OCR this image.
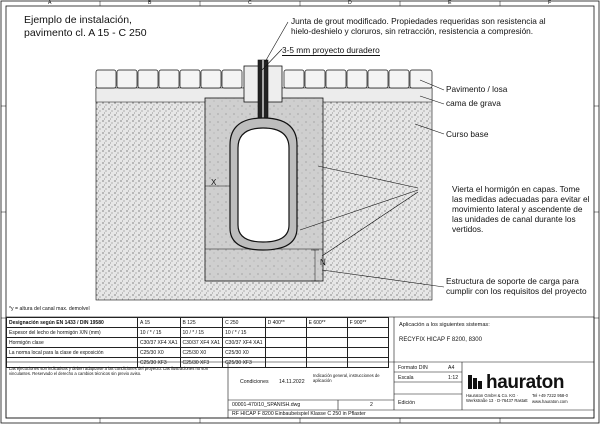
Ejemplo de instalación,
pavimento cl. A 15 - C 250
Junta de grout modificado. Propiedades requeridas son resistencia al hielo-deshielo y cloruros, sin retracción, resistencia a compresión.
3-5 mm proyecto duradero
Pavimento / losa
cama de grava
Curso base
Vierta el hormigón en capas. Tome las medidas adecuadas para evitar el movimiento lateral y ascendente de las unidades de canal durante los vertidos.
Estructura de soporte de carga para cumplir con los requisitos del proyecto
X
N
A	B	C	D	E	F
*y = altura del canal max. demolvel
Designación según EN 1433 / DIN 19580	A 15	B 125	C 250	D 400**	E 600**	F 900**
Espesor del lecho de hormigón X/N (mm)	10 / * / 15	10 / * / 15	10 / * / 15			
Hormigón clase	C30/37 XF4 XA1	C30/37 XF4 XA1	C30/37 XF4 XA1			
La norma local para la clase de exposición	C25/30 X0	C25/30 X0	C25/30 X0			
	C25/30 XF3	C25/30 XF3	C25/30 XF3			
Aplicación a los siguientes sistemas:
RECYFIX HICAP F 8200, 8300
Las ejecuciones son indicativas y deben adaptarse a las condiciones del proyecto. Las ilustraciones no son vinculantes. Reservado el derecho a cambios técnicos sin previo aviso.
Condiciones 14.11.2022
Indicación general, instrucciones de aplicación
Formato DIN	A4
Escala	1:12
Edición
00001-470/10_SPANISH.dwg	2
RF HICAP F 8200 Einbaubeispiel Klasse C 250 in Pflaster
hauraton
Hauraton GmbH & Co. KG · Werkstraße 13 · D-76437 Rastatt
Tel +49 7222 958-0
www.hauraton.com
